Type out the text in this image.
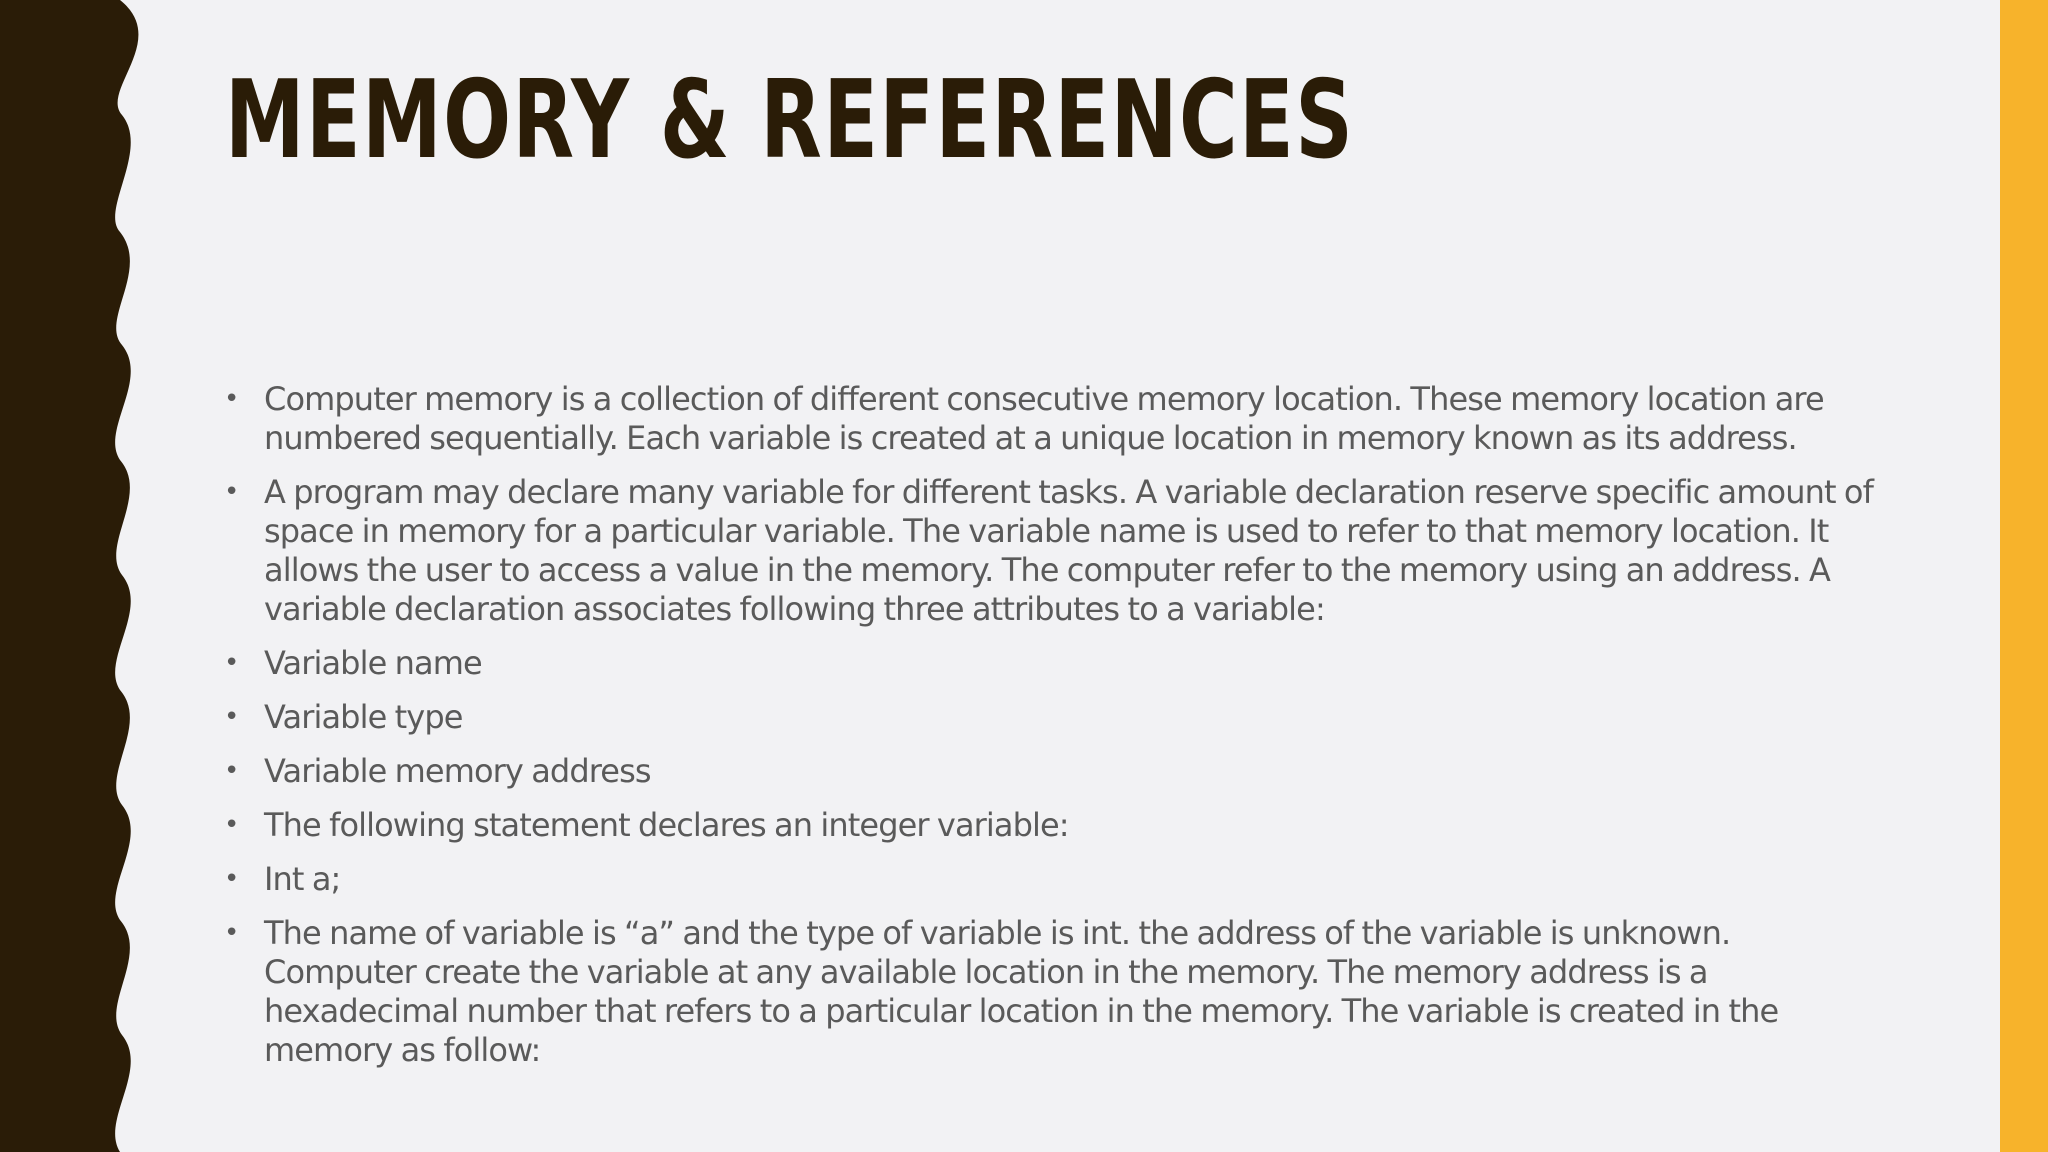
MEMORY & REFERENCES
• Computer memory is a collection of different consecutive memory location. These memory location are numbered sequentially. Each variable is created at a unique location in memory known as its address.
• A program may declare many variable for different tasks. A variable declaration reserve specific amount of space in memory for a particular variable. The variable name is used to refer to that memory location. It allows the user to access a value in the memory. The computer refer to the memory using an address. A variable declaration associates following three attributes to a variable:
• Variable name
• Variable type
• Variable memory address
• The following statement declares an integer variable:
• Int a;
• The name of variable is “a” and the type of variable is int. the address of the variable is unknown. Computer create the variable at any available location in the memory. The memory address is a hexadecimal number that refers to a particular location in the memory. The variable is created in the memory as follow:
